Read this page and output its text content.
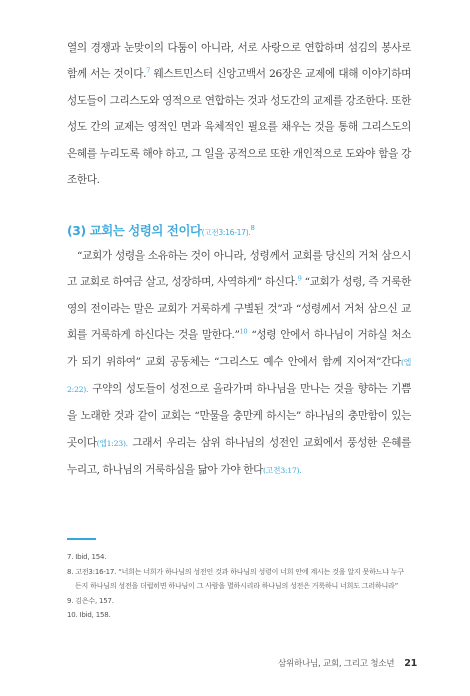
열의 경쟁과 눈맞이의 다툼이 아니라, 서로 사랑으로 연합하며 섬김의 봉사로 함께 서는 것이다.$^7$ 웨스트민스터 신앙고백서 26장은 교제에 대해 이야기하며 성도들이 그리스도와 영적으로 연합하는 것과 성도간의 교제를 강조한다. 또한 성도 간의 교제는 영적인 면과 육체적인 필요를 채우는 것을 통해 그리스도의 은혜를 누리도록 해야 하고, 그 일을 공적으로 또한 개인적으로 도와야 함을 강조한다.

(3) 교회는 성령의 전이다(고전3:16-17).$^8$

“교회가 성령을 소유하는 것이 아니라, 성령께서 교회를 당신의 거처 삼으시고 교회로 하여금 살고, 성장하며, 사역하게” 하신다.$^9$ “교회가 성령, 즉 거룩한 영의 전이라는 말은 교회가 거룩하게 구별된 것”과 “성령께서 거처 삼으신 교회를 거룩하게 하신다는 것을 말한다.”$^{10}$ “성령 안에서 하나님이 거하실 처소가 되기 위하여” 교회 공동체는 “그리스도 예수 안에서 함께 지어져”간다(엡2:22). 구약의 성도들이 성전으로 올라가며 하나님을 만나는 것을 향하는 기쁨을 노래한 것과 같이 교회는 “만물을 충만케 하시는” 하나님의 충만함이 있는 곳이다(엡1:23). 그래서 우리는 삼위 하나님의 성전인 교회에서 풍성한 은혜를 누리고, 하나님의 거룩하심을 닮아 가야 한다(고전3:17).

7. Ibid, 154.

8. 고전3:16-17. “너희는 너희가 하나님의 성전인 것과 하나님의 성령이 너희 안에 계시는 것을 알지 못하느냐 누구

든지 하나님의 성전을 더럽히면 하나님이 그 사람을 멸하시리라 하나님의 성전은 거룩하니 너희도 그러하니라”

9. 김은수, 157.

10. Ibid, 158.

삼위하나님, 교회, 그리고 청소년 21
